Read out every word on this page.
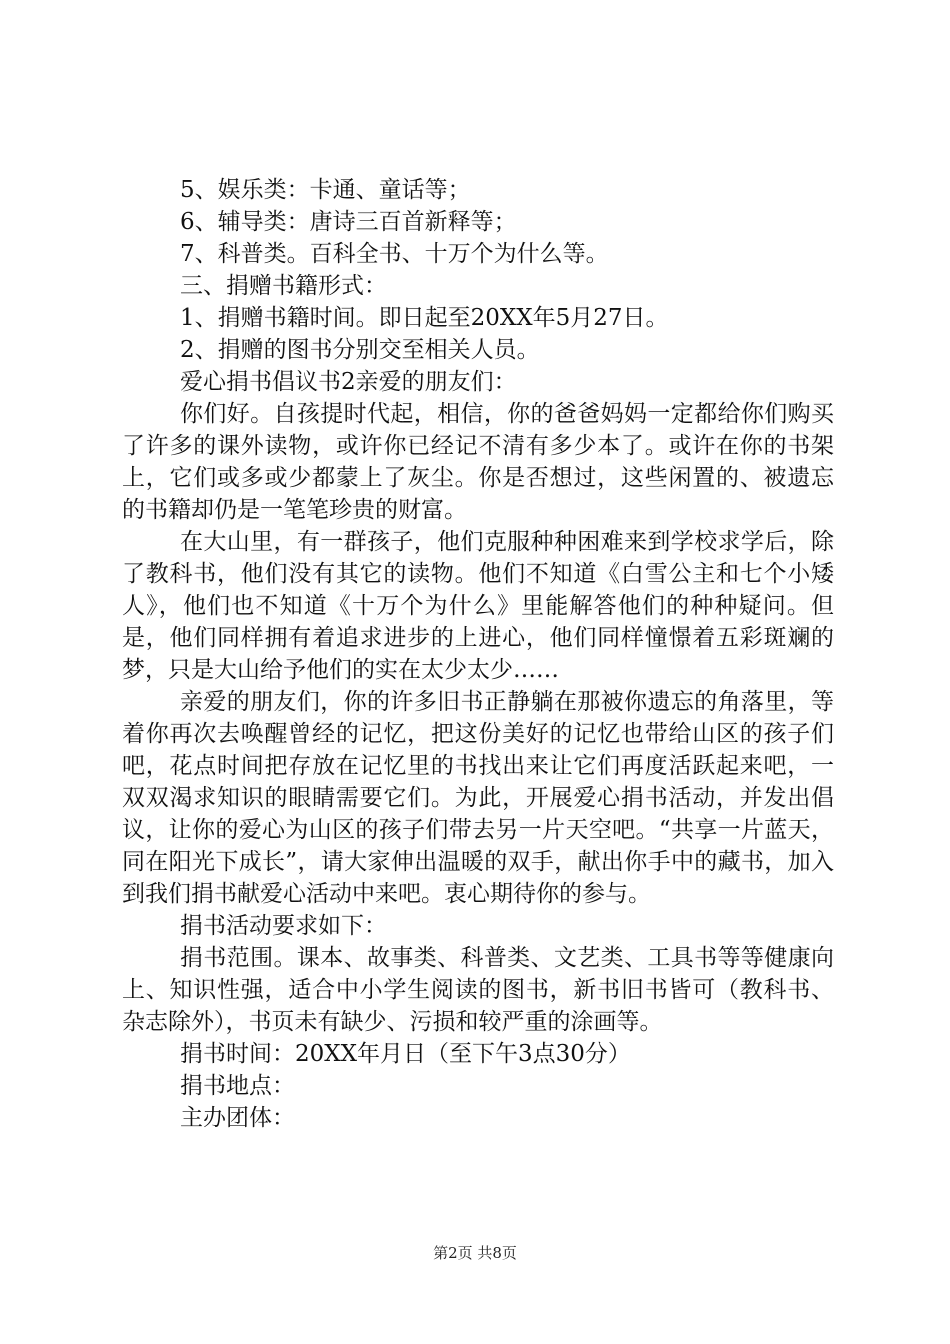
5、娱乐类：卡通、童话等；

6、辅导类：唐诗三百首新释等；

7、科普类。百科全书、十万个为什么等。

三、捐赠书籍形式：

1、捐赠书籍时间。即日起至20XX年5月27日。

2、捐赠的图书分别交至相关人员。

爱心捐书倡议书2亲爱的朋友们：

你们好。自孩提时代起，相信，你的爸爸妈妈一定都给你们购买了许多的课外读物，或许你已经记不清有多少本了。或许在你的书架上，它们或多或少都蒙上了灰尘。你是否想过，这些闲置的、被遗忘的书籍却仍是一笔笔珍贵的财富。

在大山里，有一群孩子，他们克服种种困难来到学校求学后，除了教科书，他们没有其它的读物。他们不知道《白雪公主和七个小矮人》，他们也不知道《十万个为什么》里能解答他们的种种疑问。但是，他们同样拥有着追求进步的上进心，他们同样憧憬着五彩斑斓的梦，只是大山给予他们的实在太少太少……

亲爱的朋友们，你的许多旧书正静躺在那被你遗忘的角落里，等着你再次去唤醒曾经的记忆，把这份美好的记忆也带给山区的孩子们吧，花点时间把存放在记忆里的书找出来让它们再度活跃起来吧，一双双渴求知识的眼睛需要它们。为此，开展爱心捐书活动，并发出倡议，让你的爱心为山区的孩子们带去另一片天空吧。“共享一片蓝天，同在阳光下成长”，请大家伸出温暖的双手，献出你手中的藏书，加入到我们捐书献爱心活动中来吧。衷心期待你的参与。

捐书活动要求如下：

捐书范围。课本、故事类、科普类、文艺类、工具书等等健康向上、知识性强，适合中小学生阅读的图书，新书旧书皆可（教科书、杂志除外），书页未有缺少、污损和较严重的涂画等。

捐书时间：20XX年月日（至下午3点30分）

捐书地点：

主办团体：

第2页 共8页
